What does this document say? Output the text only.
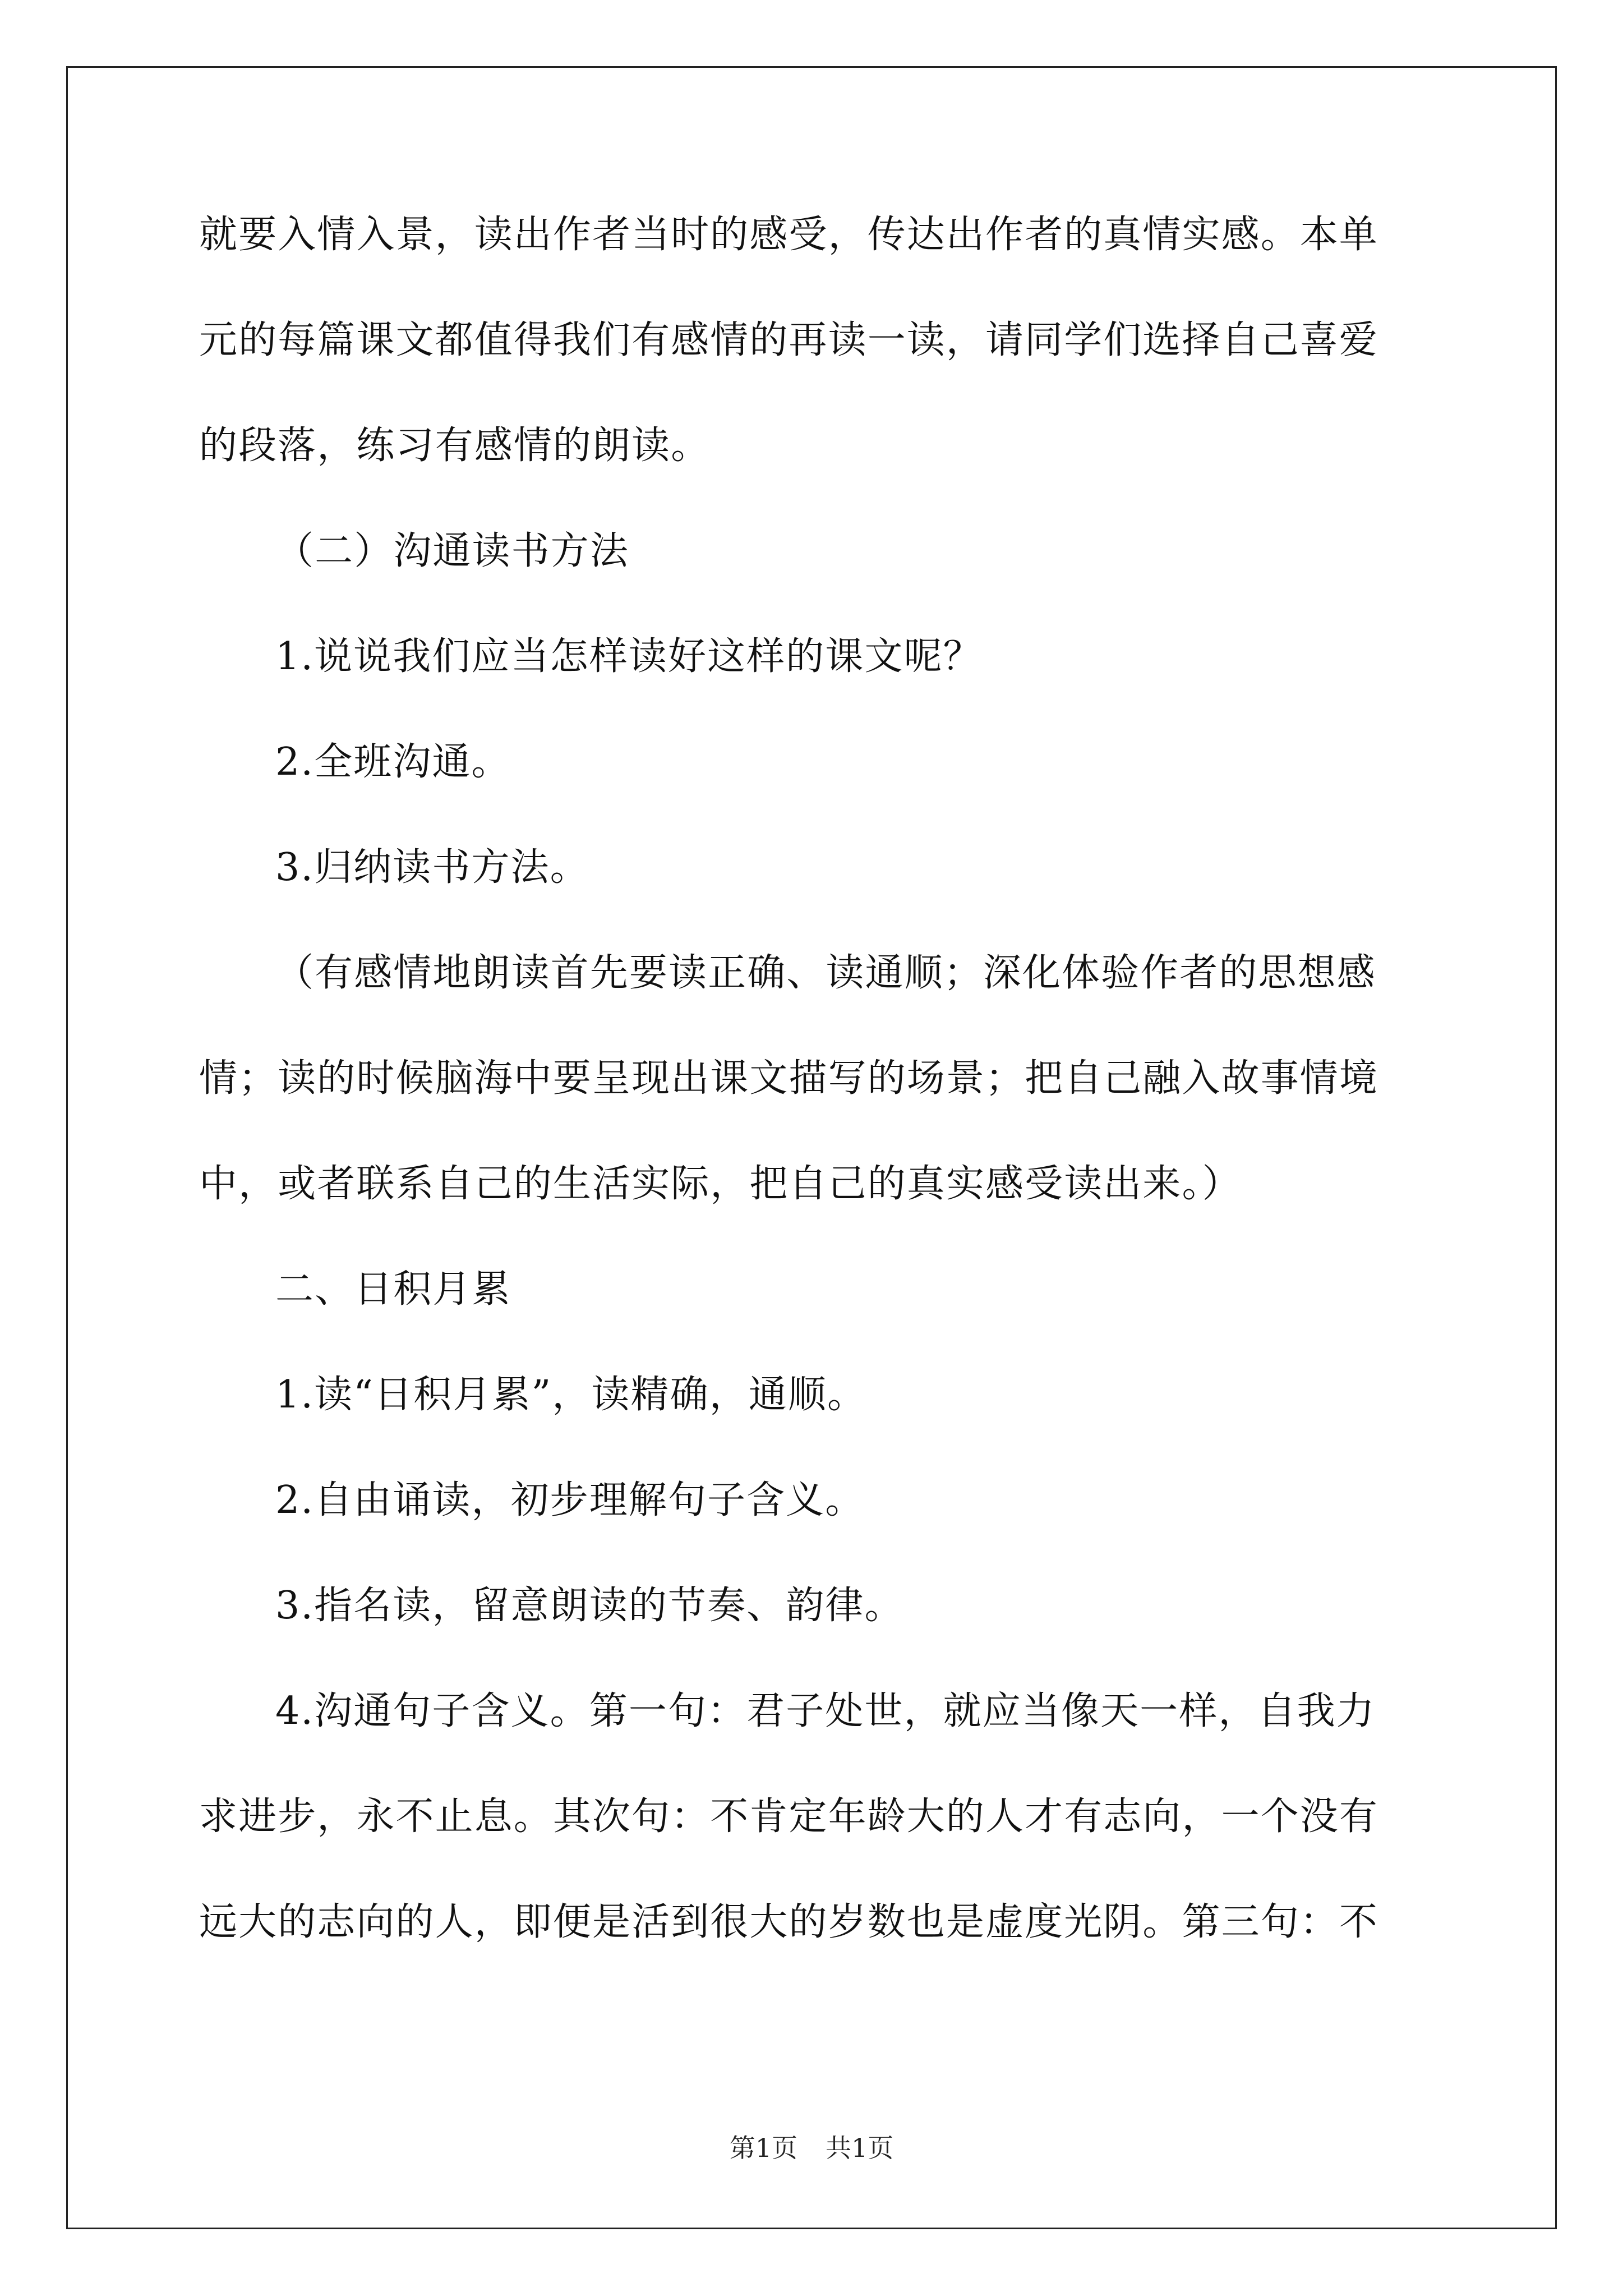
就要入情入景，读出作者当时的感受，传达出作者的真情实感。本单
元的每篇课文都值得我们有感情的再读一读，请同学们选择自己喜爱
的段落，练习有感情的朗读。
（二）沟通读书方法
1.说说我们应当怎样读好这样的课文呢？
2.全班沟通。
3.归纳读书方法。
（有感情地朗读首先要读正确、读通顺；深化体验作者的思想感
情；读的时候脑海中要呈现出课文描写的场景；把自己融入故事情境
中，或者联系自己的生活实际，把自己的真实感受读出来。）
二、日积月累
1.读“日积月累”，读精确，通顺。
2.自由诵读，初步理解句子含义。
3.指名读，留意朗读的节奏、韵律。
4.沟通句子含义。第一句：君子处世，就应当像天一样，自我力
求进步，永不止息。其次句：不肯定年龄大的人才有志向，一个没有
远大的志向的人，即便是活到很大的岁数也是虚度光阴。第三句：不
第1页 共1页
